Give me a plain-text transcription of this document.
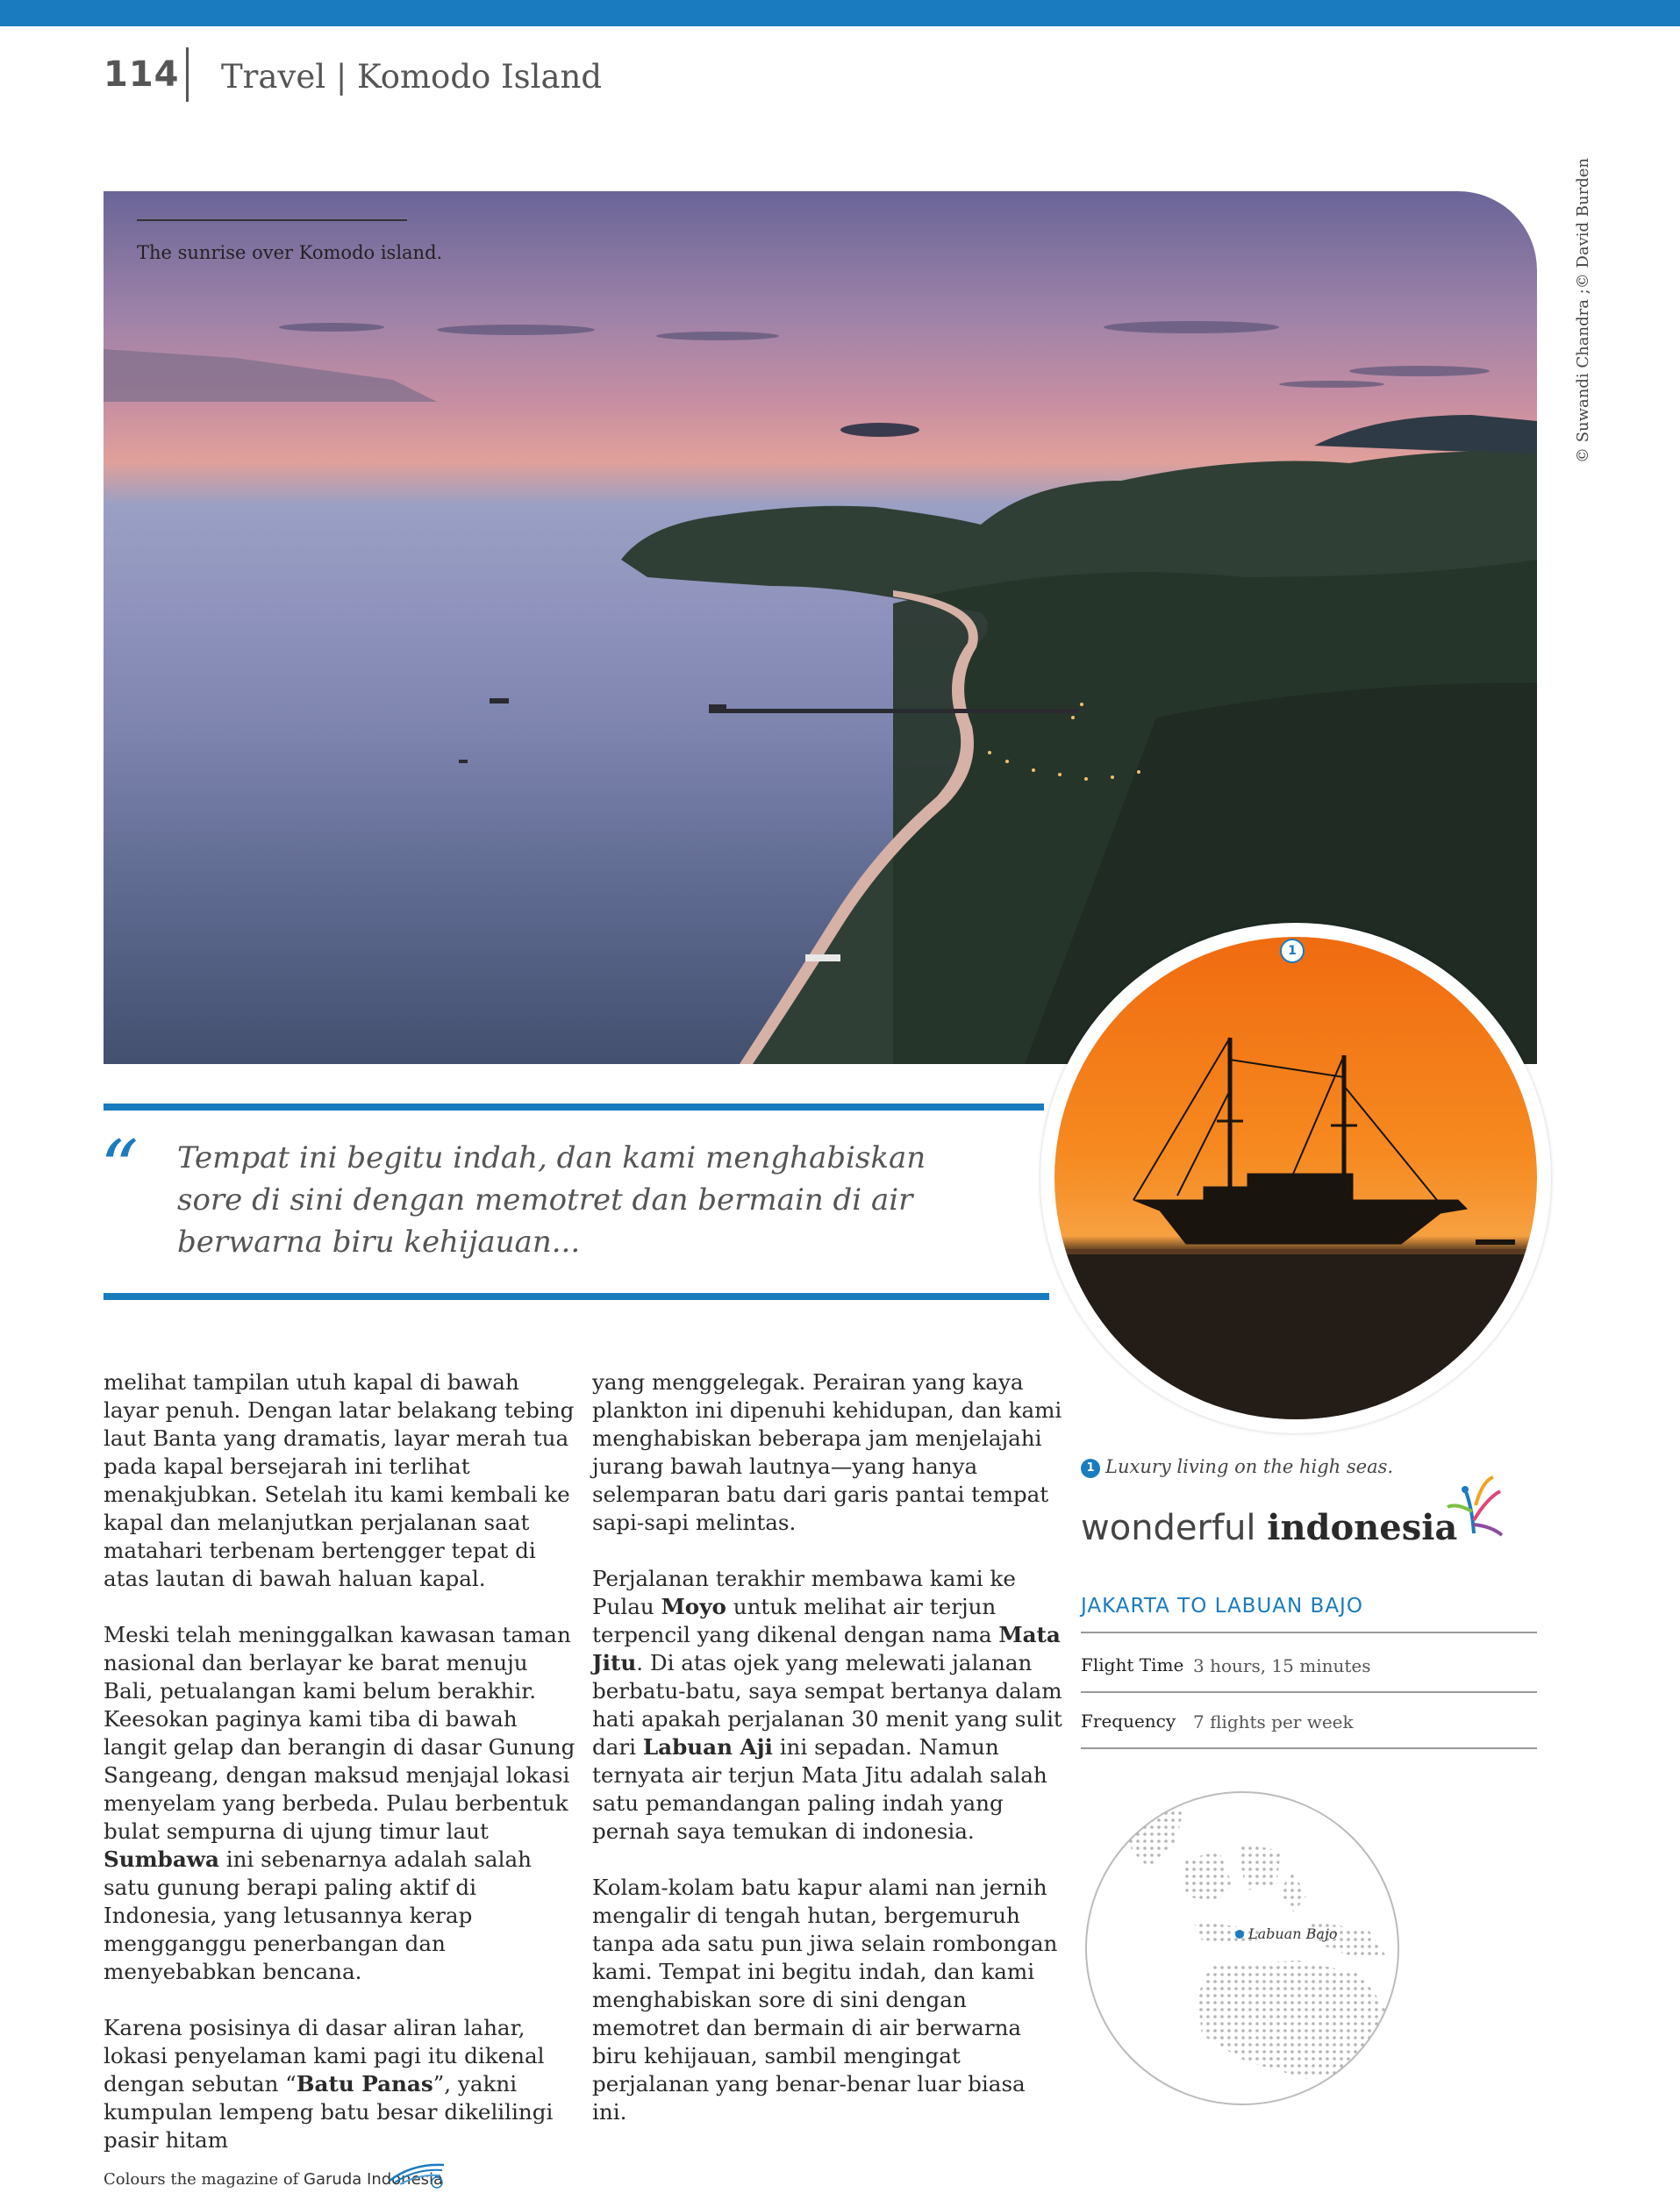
114 Travel | Komodo Island
The sunrise over Komodo island.	© Suwandi Chandra ;© David Burden
1
“ Tempat ini begitu indah, dan kami menghabiskan sore di sini dengan memotret dan bermain di air berwarna biru kehijauan...

melihat tampilan utuh kapal di bawah layar penuh. Dengan latar belakang tebing laut Banta yang dramatis, layar merah tua pada kapal bersejarah ini terlihat menakjubkan. Setelah itu kami kembali ke kapal dan melanjutkan perjalanan saat matahari terbenam bertengger tepat di atas lautan di bawah haluan kapal.

Meski telah meninggalkan kawasan taman nasional dan berlayar ke barat menuju Bali, petualangan kami belum berakhir. Keesokan paginya kami tiba di bawah langit gelap dan berangin di dasar Gunung Sangeang, dengan maksud menjajal lokasi menyelam yang berbeda. Pulau berbentuk bulat sempurna di ujung timur laut Sumbawa ini sebenarnya adalah salah satu gunung berapi paling aktif di Indonesia, yang letusannya kerap mengganggu penerbangan dan menyebabkan bencana.

Karena posisinya di dasar aliran lahar, lokasi penyelaman kami pagi itu dikenal dengan sebutan “Batu Panas”, yakni kumpulan lempeng batu besar dikelilingi pasir hitam

yang menggelegak. Perairan yang kaya plankton ini dipenuhi kehidupan, dan kami menghabiskan beberapa jam menjelajahi jurang bawah lautnya—yang hanya selemparan batu dari garis pantai tempat sapi-sapi melintas.

Perjalanan terakhir membawa kami ke Pulau Moyo untuk melihat air terjun terpencil yang dikenal dengan nama Mata Jitu. Di atas ojek yang melewati jalanan berbatu-batu, saya sempat bertanya dalam hati apakah perjalanan 30 menit yang sulit dari Labuan Aji ini sepadan. Namun ternyata air terjun Mata Jitu adalah salah satu pemandangan paling indah yang pernah saya temukan di indonesia.

Kolam-kolam batu kapur alami nan jernih mengalir di tengah hutan, bergemuruh tanpa ada satu pun jiwa selain rombongan kami. Tempat ini begitu indah, dan kami menghabiskan sore di sini dengan memotret dan bermain di air berwarna biru kehijauan, sambil mengingat perjalanan yang benar-benar luar biasa ini.

1 Luxury living on the high seas.
wonderful indonesia
JAKARTA TO LABUAN BAJO
Flight Time 3 hours, 15 minutes
Frequency 7 flights per week
Labuan Bajo
Colours the magazine of Garuda Indonesia
